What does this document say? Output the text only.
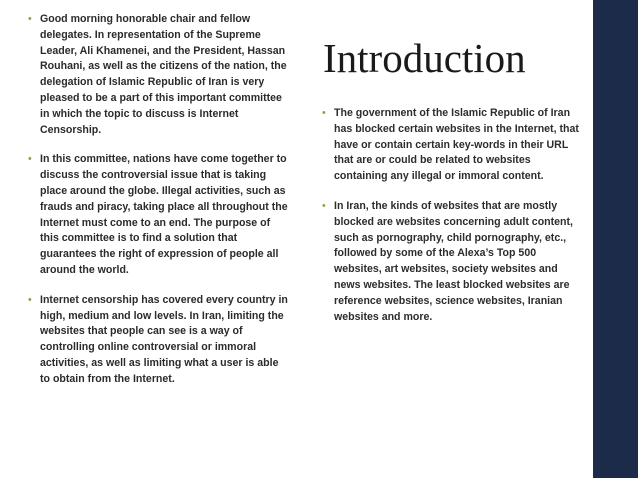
Introduction
• Good morning honorable chair and fellow delegates. In representation of the Supreme Leader, Ali Khamenei, and the President, Hassan Rouhani, as well as the citizens of the nation, the delegation of Islamic Republic of Iran is very pleased to be a part of this important committee in which the topic to discuss is Internet Censorship.
• In this committee, nations have come together to discuss the controversial issue that is taking place around the globe. Illegal activities, such as frauds and piracy, taking place all throughout the Internet must come to an end. The purpose of this committee is to find a solution that guarantees the right of expression of people all around the world.
• Internet censorship has covered every country in high, medium and low levels. In Iran, limiting the websites that people can see is a way of controlling online controversial or immoral activities, as well as limiting what a user is able to obtain from the Internet.
• The government of the Islamic Republic of Iran has blocked certain websites in the Internet, that have or contain certain key-words in their URL that are or could be related to websites containing any illegal or immoral content.
• In Iran, the kinds of websites that are mostly blocked are websites concerning adult content, such as pornography, child pornography, etc., followed by some of the Alexa’s Top 500 websites, art websites, society websites and news websites. The least blocked websites are reference websites, science websites, Iranian websites and more.
